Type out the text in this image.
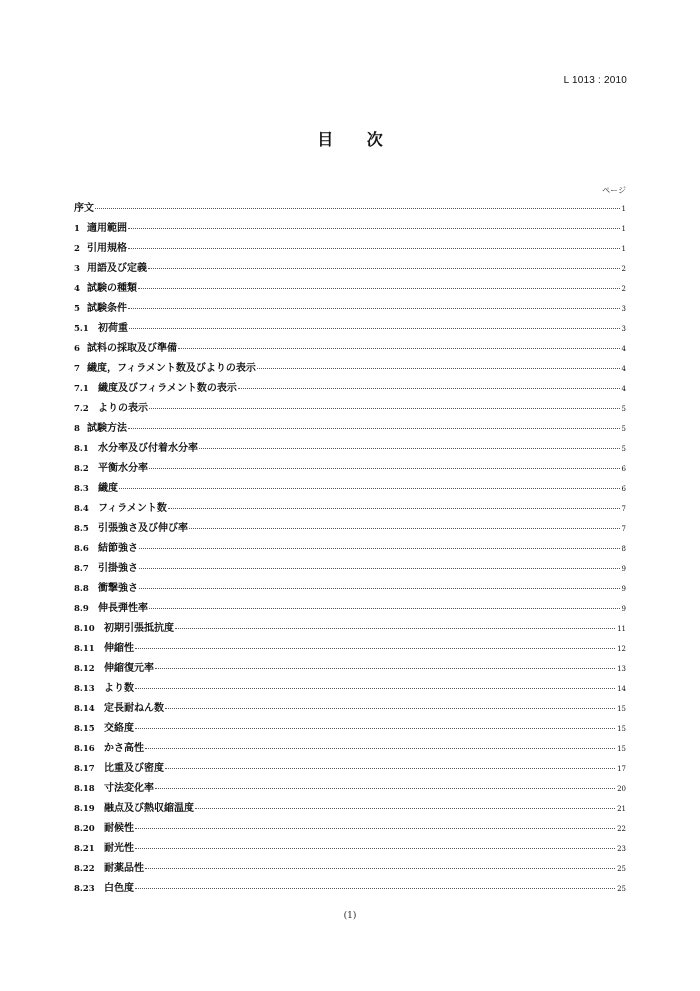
L 1013 : 2010
目 次
ページ
序文	1
1 適用範囲	1
2 引用規格	1
3 用語及び定義	2
4 試験の種類	2
5 試験条件	3
5.1 初荷重	3
6 試料の採取及び準備	4
7 繊度，フィラメント数及びよりの表示	4
7.1 繊度及びフィラメント数の表示	4
7.2 よりの表示	5
8 試験方法	5
8.1 水分率及び付着水分率	5
8.2 平衡水分率	6
8.3 繊度	6
8.4 フィラメント数	7
8.5 引張強さ及び伸び率	7
8.6 結節強さ	8
8.7 引掛強さ	9
8.8 衝撃強さ	9
8.9 伸長弾性率	9
8.10 初期引張抵抗度	11
8.11 伸縮性	12
8.12 伸縮復元率	13
8.13 より数	14
8.14 定長耐ねん数	15
8.15 交絡度	15
8.16 かさ高性	15
8.17 比重及び密度	17
8.18 寸法変化率	20
8.19 融点及び熱収縮温度	21
8.20 耐候性	22
8.21 耐光性	23
8.22 耐薬品性	25
8.23 白色度	25
(1)
